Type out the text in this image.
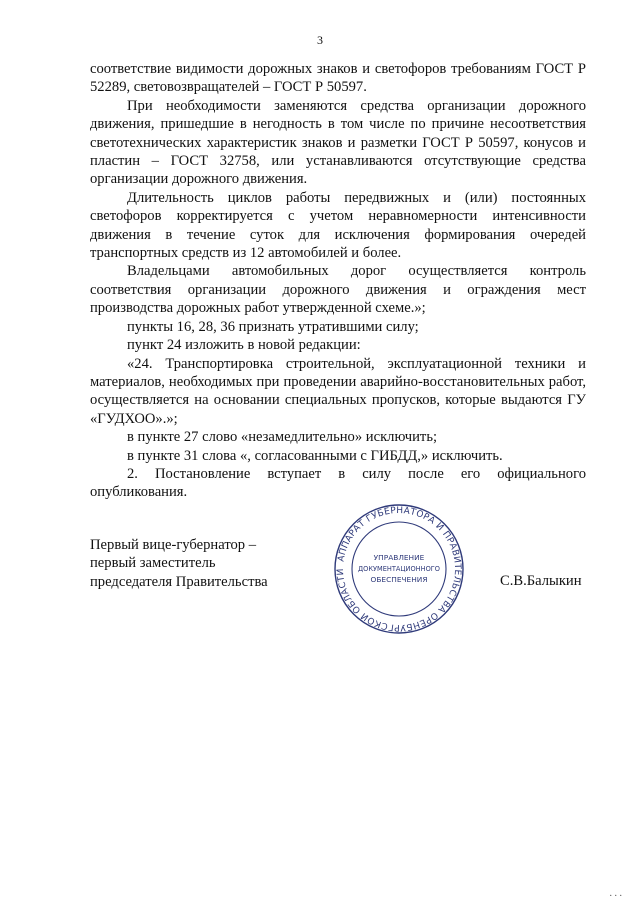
3

соответствие видимости дорожных знаков и светофоров требованиям ГОСТ Р 52289, световозвращателей – ГОСТ Р 50597.

При необходимости заменяются средства организации дорожного движения, пришедшие в негодность в том числе по причине несоответствия светотехнических характеристик знаков и разметки ГОСТ Р 50597, конусов и пластин – ГОСТ 32758, или устанавливаются отсутствующие средства организации дорожного движения.

Длительность циклов работы передвижных и (или) постоянных светофоров корректируется с учетом неравномерности интенсивности движения в течение суток для исключения формирования очередей транспортных средств из 12 автомобилей и более.

Владельцами автомобильных дорог осуществляется контроль соответствия организации дорожного движения и ограждения мест производства дорожных работ утвержденной схеме.»;

пункты 16, 28, 36 признать утратившими силу;

пункт 24 изложить в новой редакции:

«24. Транспортировка строительной, эксплуатационной техники и материалов, необходимых при проведении аварийно-восстановительных работ, осуществляется на основании специальных пропусков, которые выдаются ГУ «ГУДХОО».»;

в пункте 27 слово «незамедлительно» исключить;

в пункте 31 слова «, согласованными с ГИБДД,» исключить.

2. Постановление вступает в силу после его официального опубликования.

Первый вице-губернатор –
первый заместитель
председателя Правительства
АППАРАТ ГУБЕРНАТОРА И ПРАВИТЕЛЬСТВА ОРЕНБУРГСКОЙ ОБЛАСТИ
УПРАВЛЕНИЕ
ДОКУМЕНТАЦИОННОГО
ОБЕСПЕЧЕНИЯ	С.В.Балыкин
. . .
